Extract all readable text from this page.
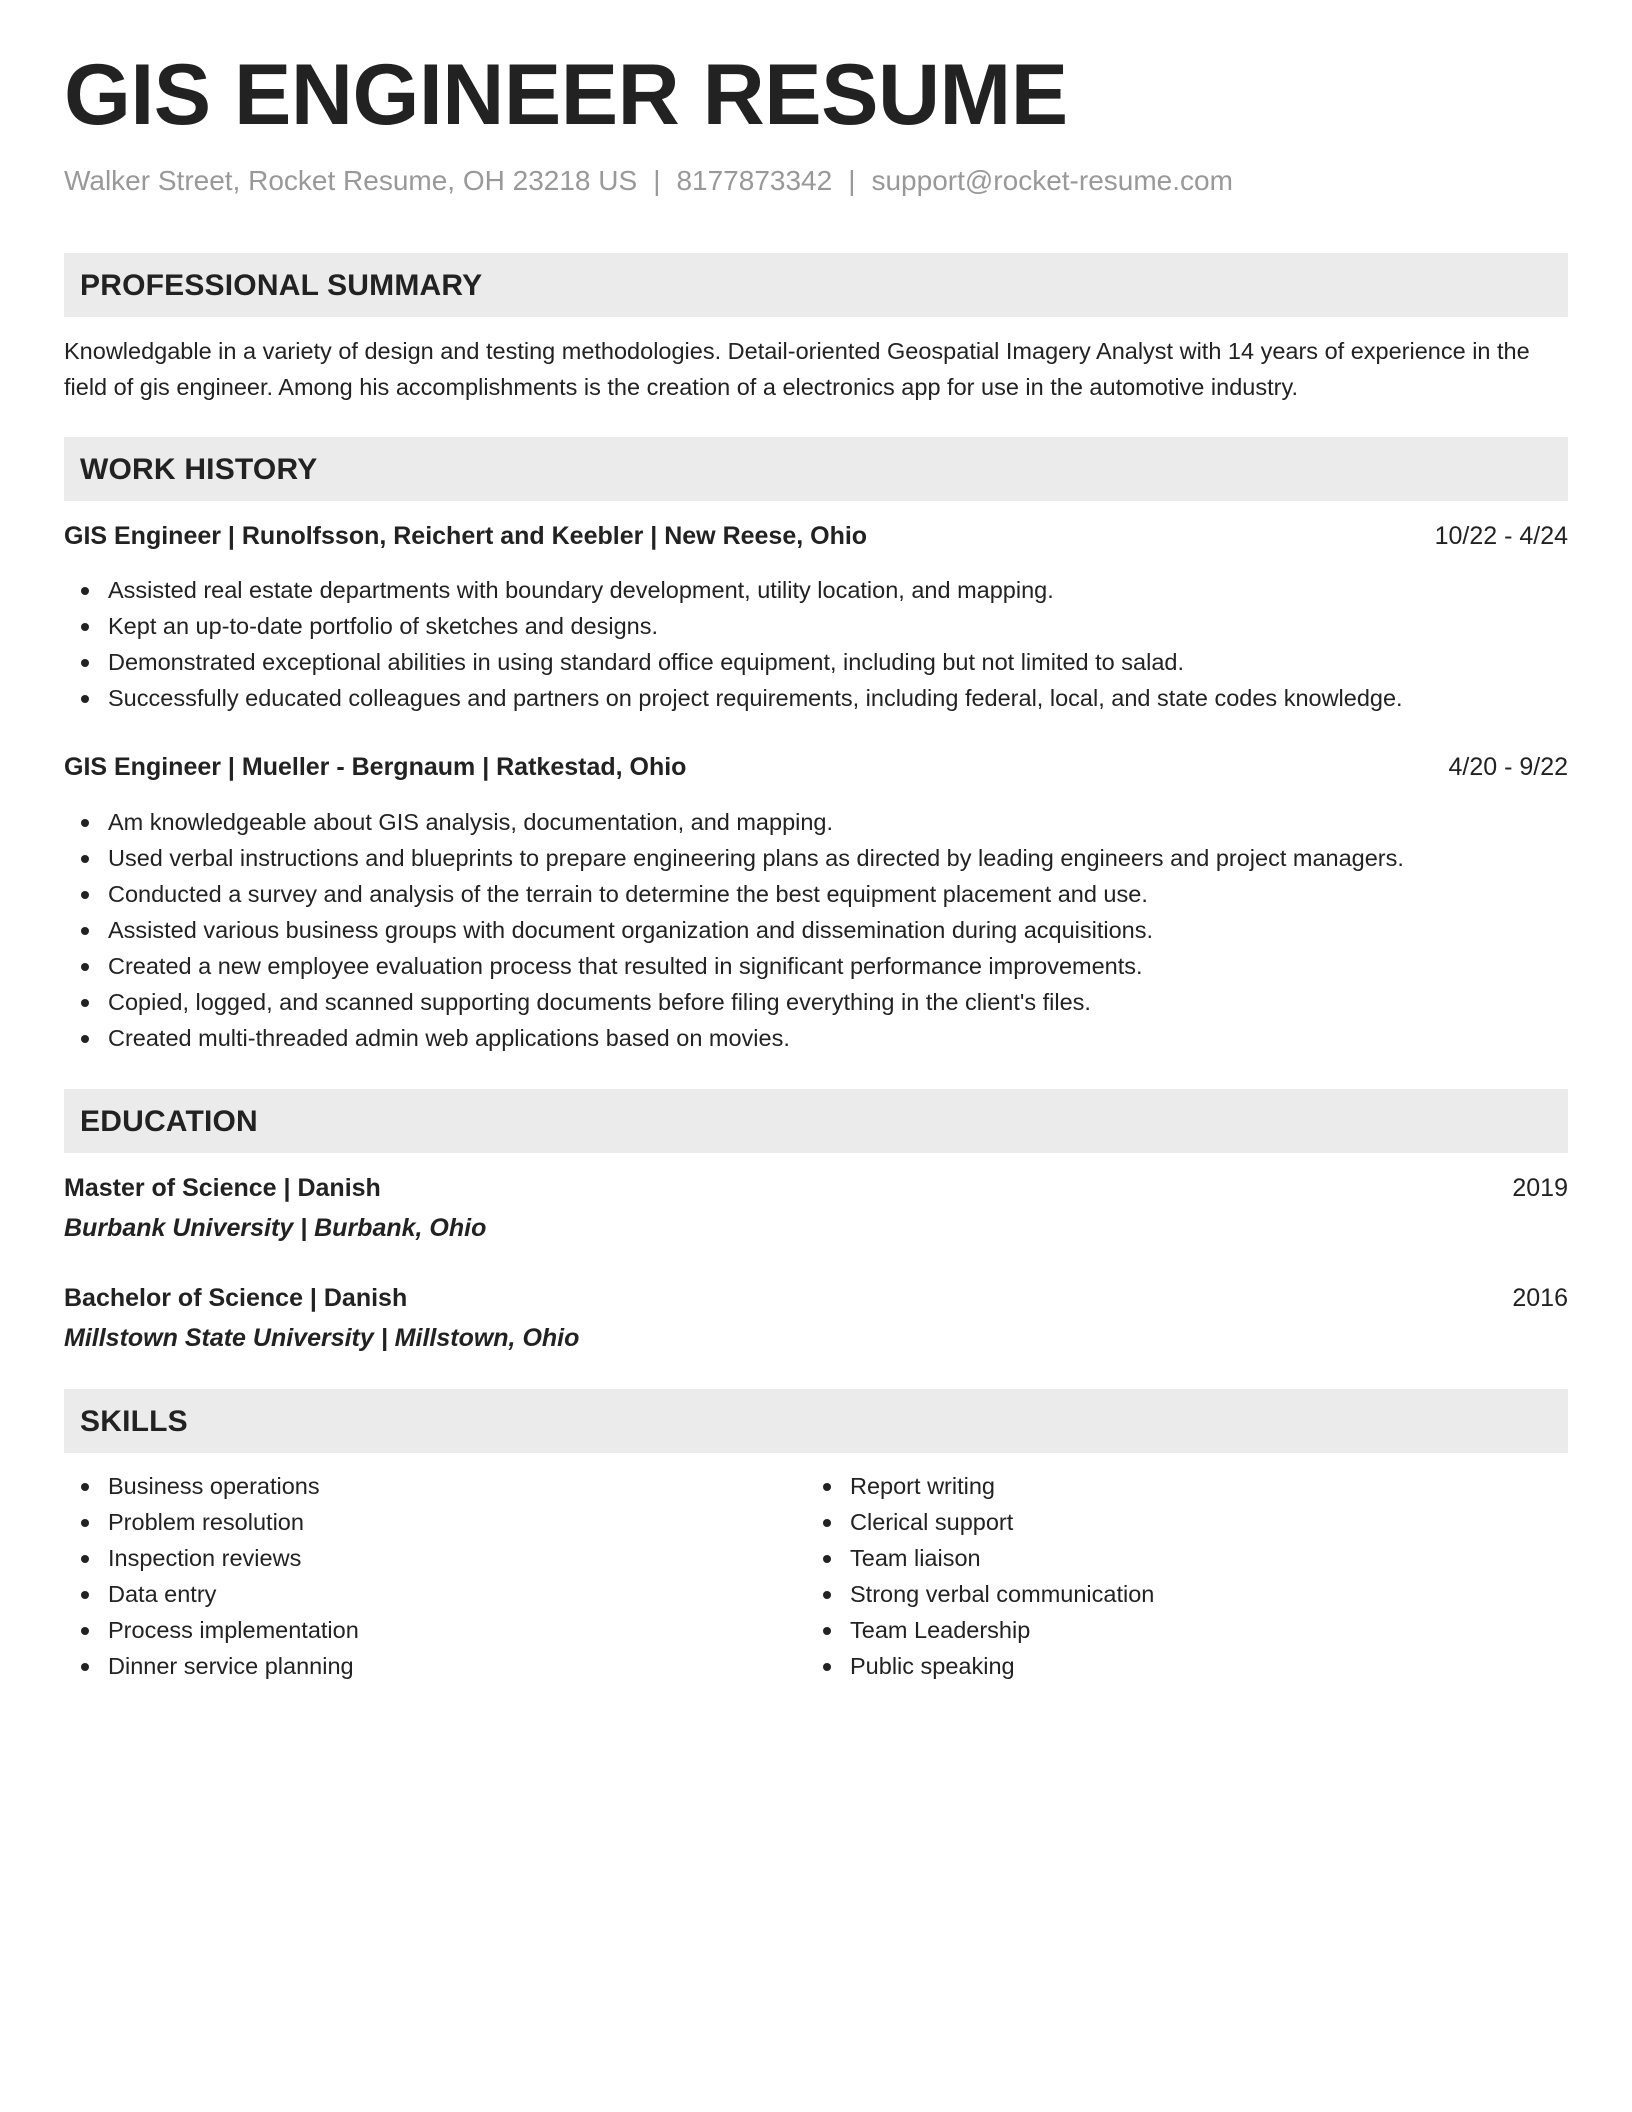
GIS ENGINEER RESUME
Walker Street, Rocket Resume, OH 23218 US | 8177873342 | support@rocket-resume.com
PROFESSIONAL SUMMARY
Knowledgable in a variety of design and testing methodologies. Detail-oriented Geospatial Imagery Analyst with 14 years of experience in the field of gis engineer. Among his accomplishments is the creation of a electronics app for use in the automotive industry.
WORK HISTORY
GIS Engineer | Runolfsson, Reichert and Keebler | New Reese, Ohio	10/22 - 4/24
Assisted real estate departments with boundary development, utility location, and mapping.
Kept an up-to-date portfolio of sketches and designs.
Demonstrated exceptional abilities in using standard office equipment, including but not limited to salad.
Successfully educated colleagues and partners on project requirements, including federal, local, and state codes knowledge.
GIS Engineer | Mueller - Bergnaum | Ratkestad, Ohio	4/20 - 9/22
Am knowledgeable about GIS analysis, documentation, and mapping.
Used verbal instructions and blueprints to prepare engineering plans as directed by leading engineers and project managers.
Conducted a survey and analysis of the terrain to determine the best equipment placement and use.
Assisted various business groups with document organization and dissemination during acquisitions.
Created a new employee evaluation process that resulted in significant performance improvements.
Copied, logged, and scanned supporting documents before filing everything in the client's files.
Created multi-threaded admin web applications based on movies.
EDUCATION
Master of Science | Danish	2019
Burbank University | Burbank, Ohio
Bachelor of Science | Danish	2016
Millstown State University | Millstown, Ohio
SKILLS
Business operations
Problem resolution
Inspection reviews
Data entry
Process implementation
Dinner service planning
Report writing
Clerical support
Team liaison
Strong verbal communication
Team Leadership
Public speaking
